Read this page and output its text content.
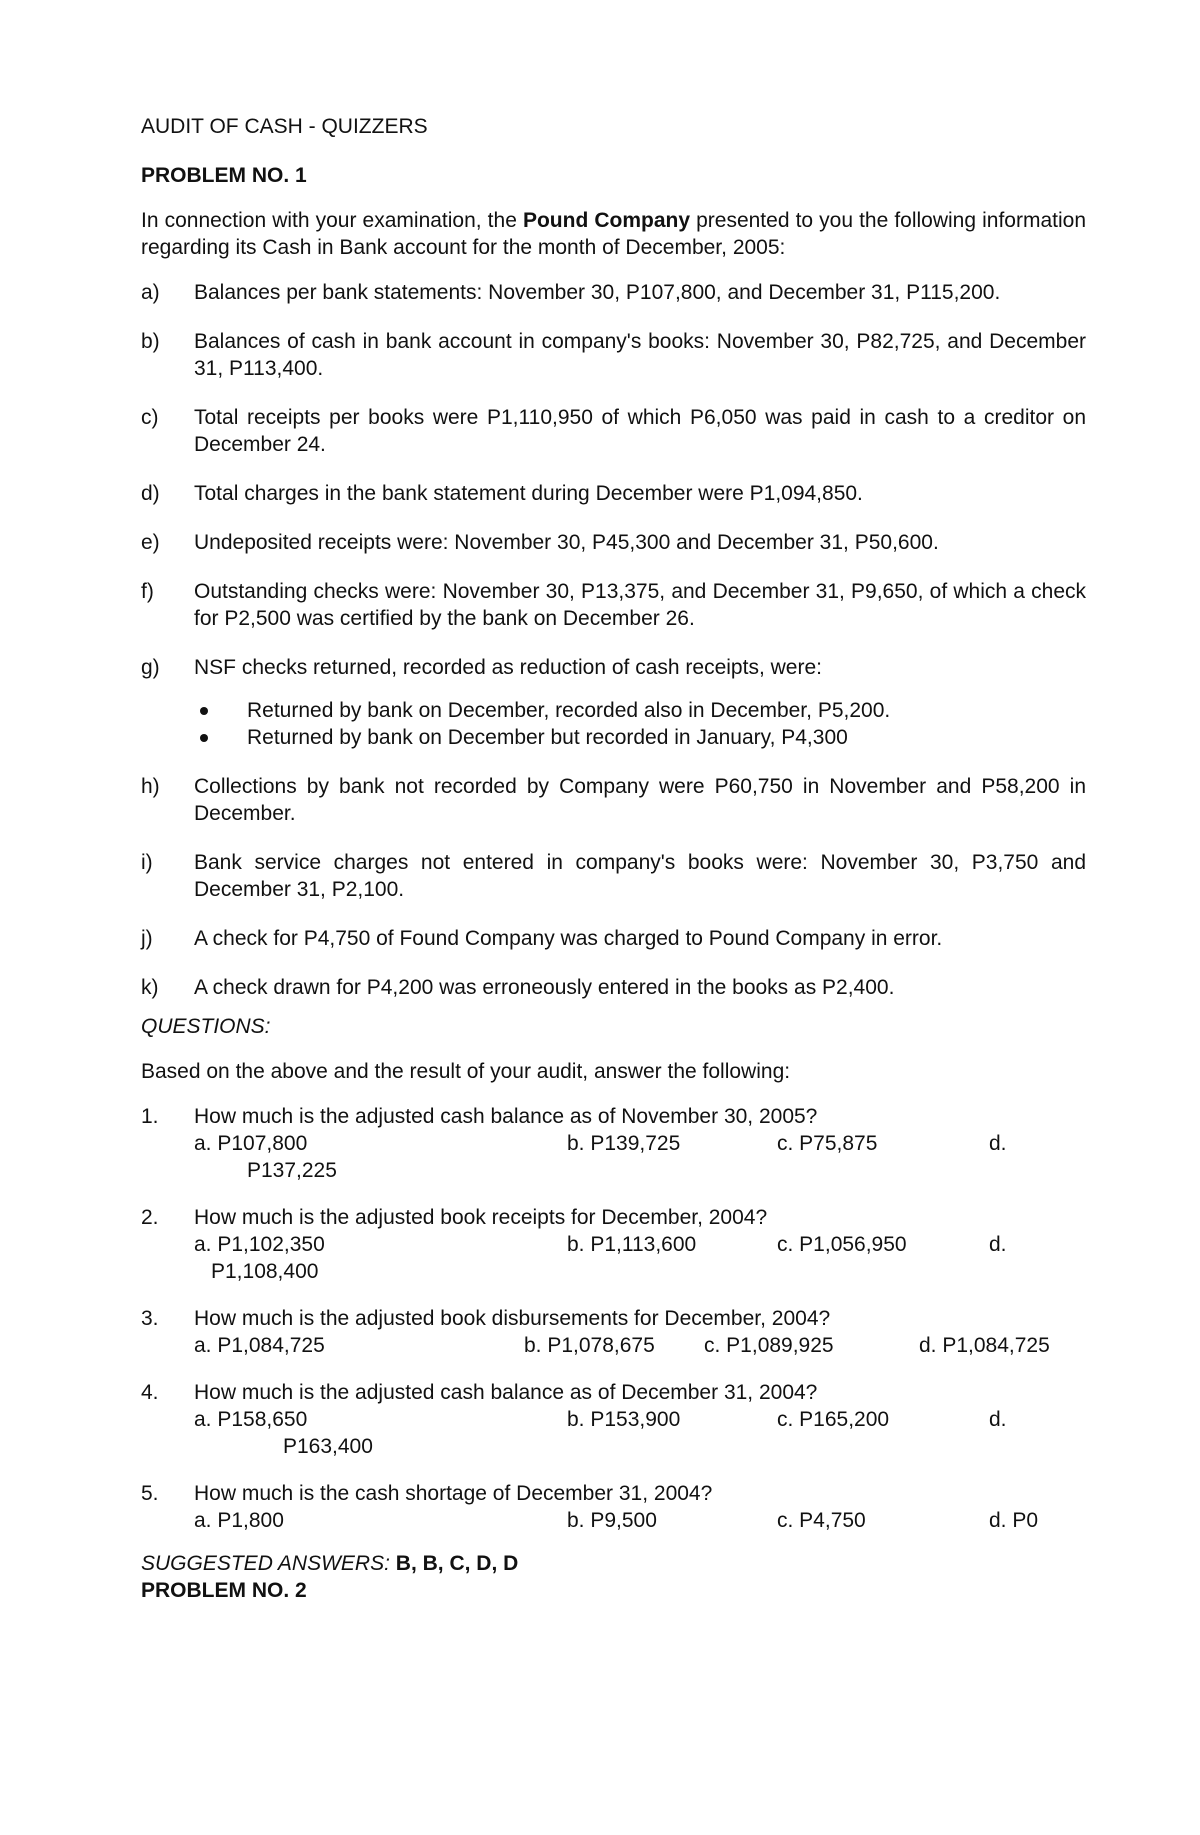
AUDIT OF CASH - QUIZZERS

PROBLEM NO. 1

In connection with your examination, the Pound Company presented to you the following information regarding its Cash in Bank account for the month of December, 2005:

a) Balances per bank statements: November 30, P107,800, and December 31, P115,200.
b) Balances of cash in bank account in company's books: November 30, P82,725, and December 31, P113,400.
c) Total receipts per books were P1,110,950 of which P6,050 was paid in cash to a creditor on December 24.
d) Total charges in the bank statement during December were P1,094,850.
e) Undeposited receipts were: November 30, P45,300 and December 31, P50,600.
f) Outstanding checks were: November 30, P13,375, and December 31, P9,650, of which a check for P2,500 was certified by the bank on December 26.
g) NSF checks returned, recorded as reduction of cash receipts, were:
Returned by bank on December, recorded also in December, P5,200.
Returned by bank on December but recorded in January, P4,300
h) Collections by bank not recorded by Company were P60,750 in November and P58,200 in December.
i) Bank service charges not entered in company's books were: November 30, P3,750 and December 31, P2,100.
j) A check for P4,750 of Found Company was charged to Pound Company in error.
k) A check drawn for P4,200 was erroneously entered in the books as P2,400.

QUESTIONS:

Based on the above and the result of your audit, answer the following:

1. How much is the adjusted cash balance as of November 30, 2005?
a. P107,800	b. P139,725	c. P75,875	d.
P137,225
2. How much is the adjusted book receipts for December, 2004?
a. P1,102,350	b. P1,113,600	c. P1,056,950	d.
P1,108,400
3. How much is the adjusted book disbursements for December, 2004?
a. P1,084,725	b. P1,078,675 c. P1,089,925	d. P1,084,725
4. How much is the adjusted cash balance as of December 31, 2004?
a. P158,650	b. P153,900	c. P165,200	d.
P163,400
5. How much is the cash shortage of December 31, 2004?
a. P1,800	b. P9,500	c. P4,750	d. P0

SUGGESTED ANSWERS: B, B, C, D, D

PROBLEM NO. 2
